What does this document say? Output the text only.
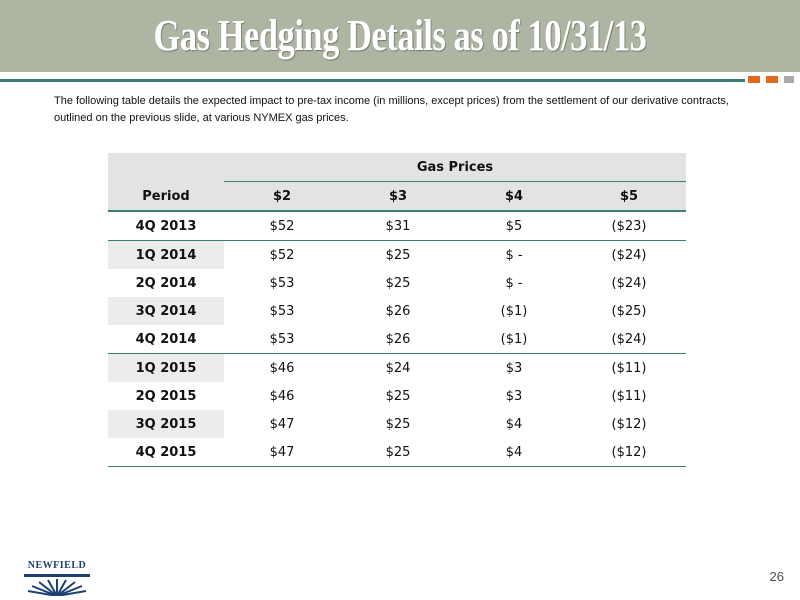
Gas Hedging Details as of 10/31/13
The following table details the expected impact to pre-tax income (in millions, except prices) from the settlement of our derivative contracts, outlined on the previous slide, at various NYMEX gas prices.
Period	Gas Prices			
	$2	$3	$4	$5
4Q 2013	$52	$31	$5	($23)
1Q 2014	$52	$25	$ -	($24)
2Q 2014	$53	$25	$ -	($24)
3Q 2014	$53	$26	($1)	($25)
4Q 2014	$53	$26	($1)	($24)
1Q 2015	$46	$24	$3	($11)
2Q 2015	$46	$25	$3	($11)
3Q 2015	$47	$25	$4	($12)
4Q 2015	$47	$25	$4	($12)
NEWFIELD
26
